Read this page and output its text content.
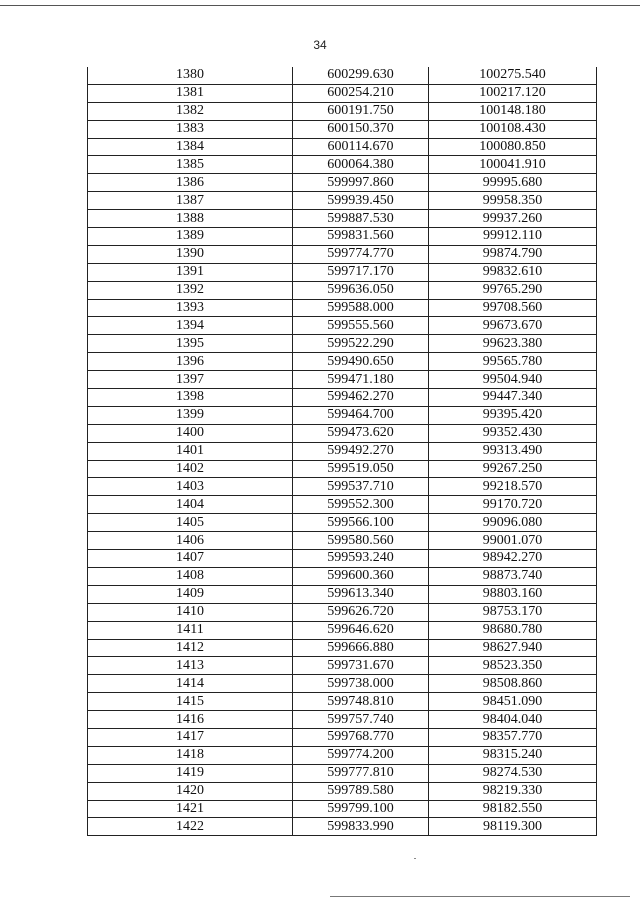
34
1380	600299.630	100275.540
1381	600254.210	100217.120
1382	600191.750	100148.180
1383	600150.370	100108.430
1384	600114.670	100080.850
1385	600064.380	100041.910
1386	599997.860	99995.680
1387	599939.450	99958.350
1388	599887.530	99937.260
1389	599831.560	99912.110
1390	599774.770	99874.790
1391	599717.170	99832.610
1392	599636.050	99765.290
1393	599588.000	99708.560
1394	599555.560	99673.670
1395	599522.290	99623.380
1396	599490.650	99565.780
1397	599471.180	99504.940
1398	599462.270	99447.340
1399	599464.700	99395.420
1400	599473.620	99352.430
1401	599492.270	99313.490
1402	599519.050	99267.250
1403	599537.710	99218.570
1404	599552.300	99170.720
1405	599566.100	99096.080
1406	599580.560	99001.070
1407	599593.240	98942.270
1408	599600.360	98873.740
1409	599613.340	98803.160
1410	599626.720	98753.170
1411	599646.620	98680.780
1412	599666.880	98627.940
1413	599731.670	98523.350
1414	599738.000	98508.860
1415	599748.810	98451.090
1416	599757.740	98404.040
1417	599768.770	98357.770
1418	599774.200	98315.240
1419	599777.810	98274.530
1420	599789.580	98219.330
1421	599799.100	98182.550
1422	599833.990	98119.300
